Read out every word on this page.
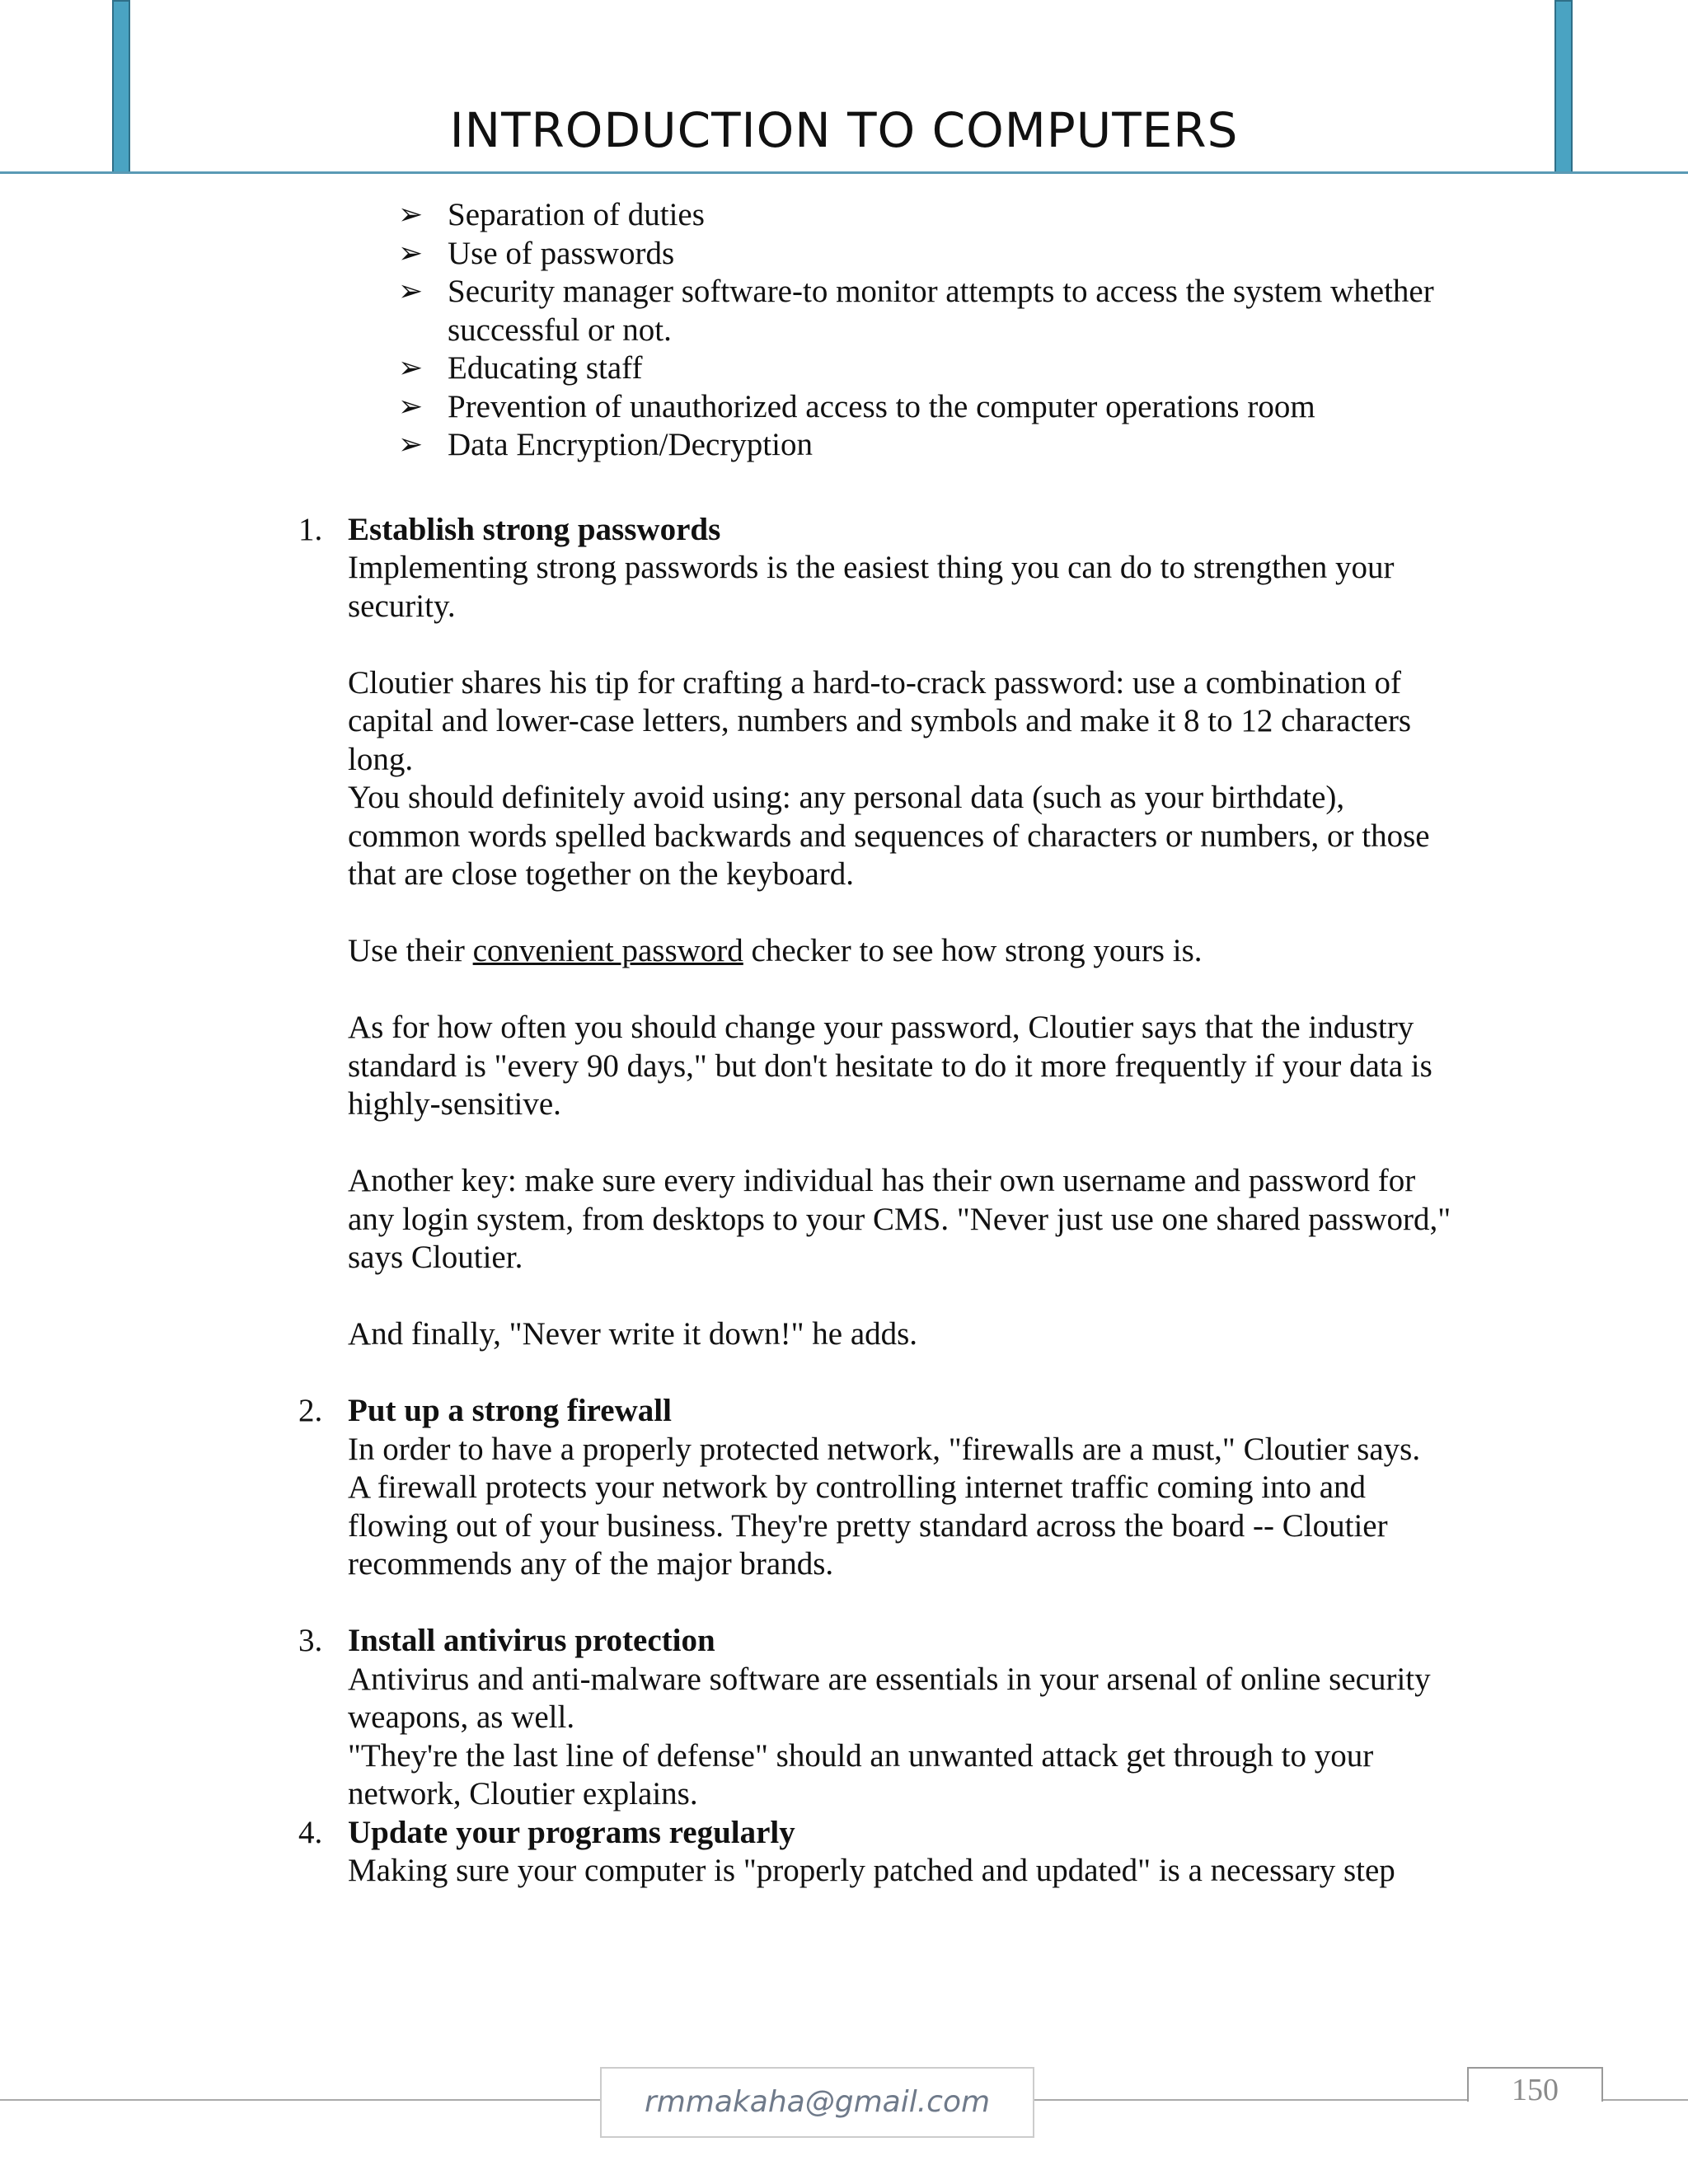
INTRODUCTION TO COMPUTERS
➢ Separation of duties
➢ Use of passwords
➢ Security manager software-to monitor attempts to access the system whether successful or not.
➢ Educating staff
➢ Prevention of unauthorized access to the computer operations room
➢ Data Encryption/Decryption
1. Establish strong passwords

Implementing strong passwords is the easiest thing you can do to strengthen your security.

Cloutier shares his tip for crafting a hard-to-crack password: use a combination of capital and lower-case letters, numbers and symbols and make it 8 to 12 characters long.

You should definitely avoid using: any personal data (such as your birthdate), common words spelled backwards and sequences of characters or numbers, or those that are close together on the keyboard.

Use their convenient password checker to see how strong yours is.

As for how often you should change your password, Cloutier says that the industry standard is "every 90 days," but don't hesitate to do it more frequently if your data is highly-sensitive.

Another key: make sure every individual has their own username and password for any login system, from desktops to your CMS. "Never just use one shared password," says Cloutier.

And finally, "Never write it down!" he adds.

2. Put up a strong firewall

In order to have a properly protected network, "firewalls are a must," Cloutier says.

A firewall protects your network by controlling internet traffic coming into and flowing out of your business. They're pretty standard across the board -- Cloutier recommends any of the major brands.

3. Install antivirus protection

Antivirus and anti-malware software are essentials in your arsenal of online security weapons, as well.

"They're the last line of defense" should an unwanted attack get through to your network, Cloutier explains.

4. Update your programs regularly

Making sure your computer is "properly patched and updated" is a necessary step

rmmakaha@gmail.com	150
